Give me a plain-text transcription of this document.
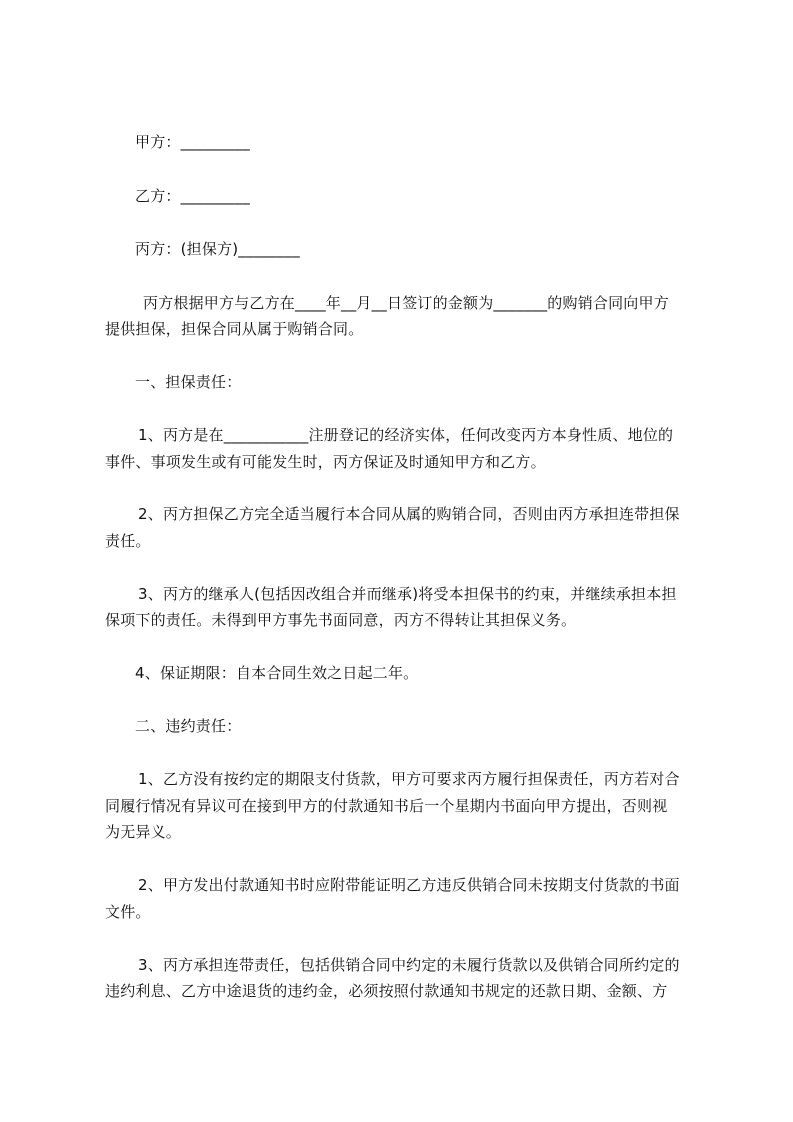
甲方：_________
乙方：_________
丙方：(担保方)________
丙方根据甲方与乙方在____年__月__日签订的金额为_______的购销合同向甲方
提供担保，担保合同从属于购销合同。
一、担保责任：
1、丙方是在___________注册登记的经济实体，任何改变丙方本身性质、地位的
事件、事项发生或有可能发生时，丙方保证及时通知甲方和乙方。
2、丙方担保乙方完全适当履行本合同从属的购销合同，否则由丙方承担连带担保
责任。
3、丙方的继承人(包括因改组合并而继承)将受本担保书的约束，并继续承担本担
保项下的责任。未得到甲方事先书面同意，丙方不得转让其担保义务。
4、保证期限：自本合同生效之日起二年。
二、违约责任：
1、乙方没有按约定的期限支付货款，甲方可要求丙方履行担保责任，丙方若对合
同履行情况有异议可在接到甲方的付款通知书后一个星期内书面向甲方提出，否则视
为无异义。
2、甲方发出付款通知书时应附带能证明乙方违反供销合同未按期支付货款的书面
文件。
3、丙方承担连带责任，包括供销合同中约定的未履行货款以及供销合同所约定的
违约利息、乙方中途退货的违约金，必须按照付款通知书规定的还款日期、金额、方
